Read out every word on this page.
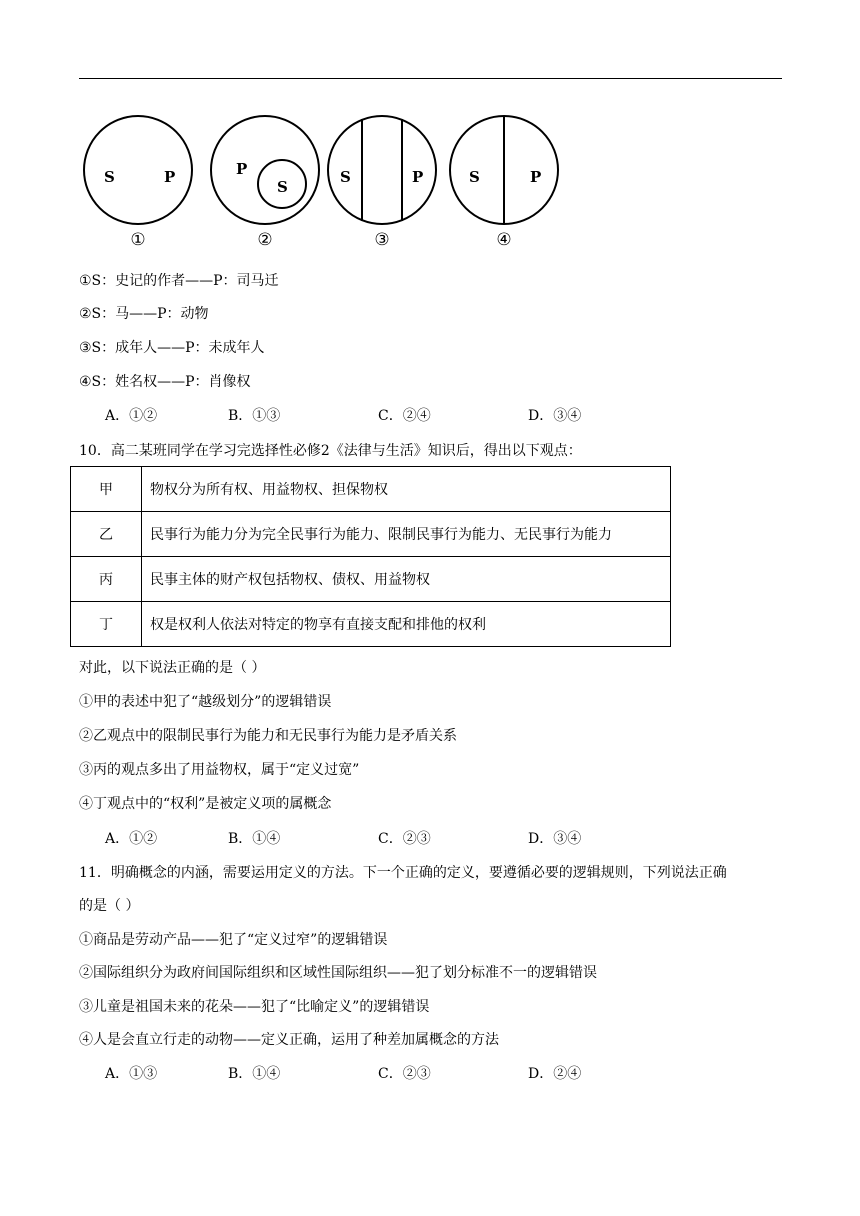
S	P
①
P
S
②
S	P
③
S	P
④
①S：史记的作者——P：司马迁
②S：马——P：动物
③S：成年人——P：未成年人
④S：姓名权——P：肖像权
A．①②	B．①③	C．②④	D．③④
10．高二某班同学在学习完选择性必修2《法律与生活》知识后，得出以下观点：
甲	物权分为所有权、用益物权、担保物权
乙	民事行为能力分为完全民事行为能力、限制民事行为能力、无民事行为能力
丙	民事主体的财产权包括物权、债权、用益物权
丁	权是权利人依法对特定的物享有直接支配和排他的权利
对此，以下说法正确的是（ ）
①甲的表述中犯了“越级划分”的逻辑错误
②乙观点中的限制民事行为能力和无民事行为能力是矛盾关系
③丙的观点多出了用益物权，属于“定义过宽”
④丁观点中的“权利”是被定义项的属概念
A．①②	B．①④	C．②③	D．③④
11．明确概念的内涵，需要运用定义的方法。下一个正确的定义，要遵循必要的逻辑规则，下列说法正确
的是（ ）
①商品是劳动产品——犯了“定义过窄”的逻辑错误
②国际组织分为政府间国际组织和区域性国际组织——犯了划分标准不一的逻辑错误
③儿童是祖国未来的花朵——犯了“比喻定义”的逻辑错误
④人是会直立行走的动物——定义正确，运用了种差加属概念的方法
A．①③	B．①④	C．②③	D．②④
